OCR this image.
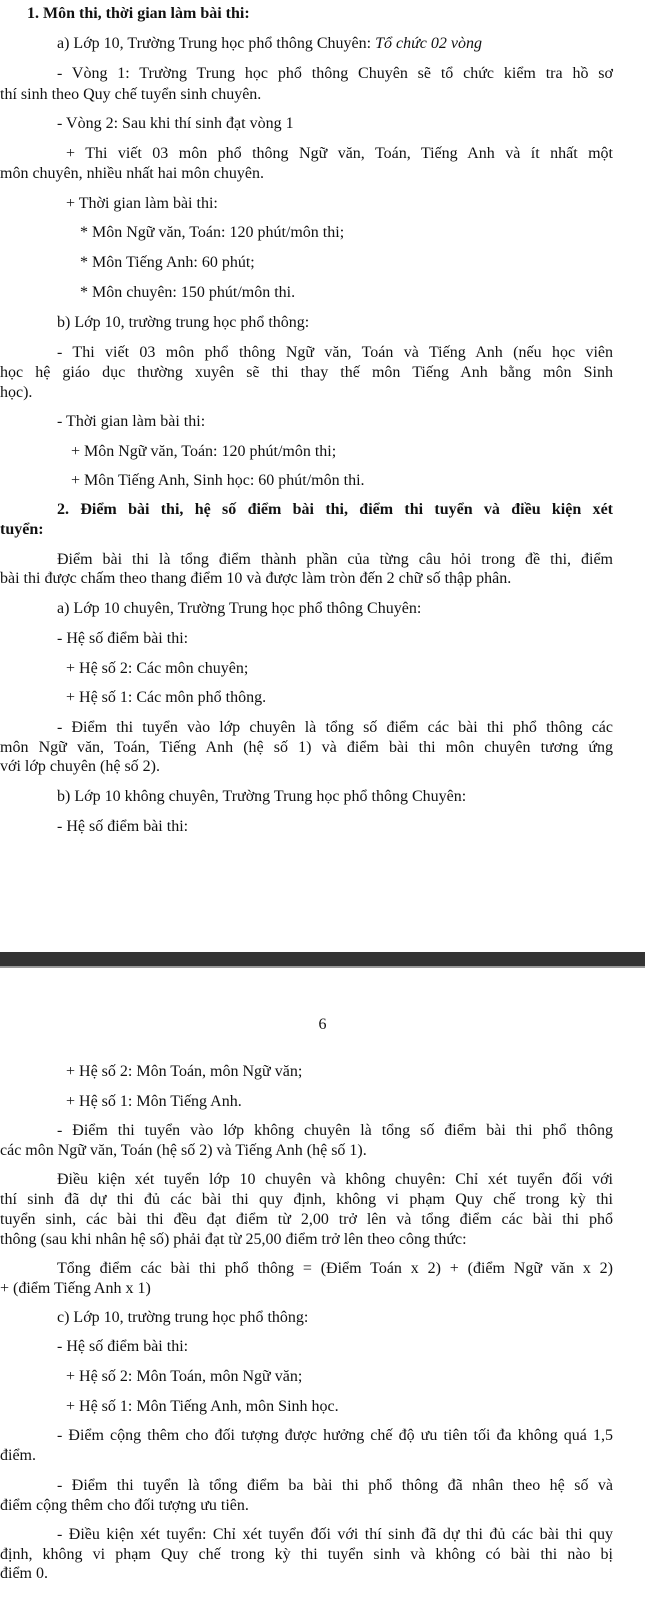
1. Môn thi, thời gian làm bài thi:
a) Lớp 10, Trường Trung học phổ thông Chuyên: Tổ chức 02 vòng
- Vòng 1: Trường Trung học phổ thông Chuyên sẽ tổ chức kiểm tra hồ sơ
thí sinh theo Quy chế tuyển sinh chuyên.
- Vòng 2: Sau khi thí sinh đạt vòng 1
+ Thi viết 03 môn phổ thông Ngữ văn, Toán, Tiếng Anh và ít nhất một
môn chuyên, nhiều nhất hai môn chuyên.
+ Thời gian làm bài thi:
* Môn Ngữ văn, Toán: 120 phút/môn thi;
* Môn Tiếng Anh: 60 phút;
* Môn chuyên: 150 phút/môn thi.
b) Lớp 10, trường trung học phổ thông:
- Thi viết 03 môn phổ thông Ngữ văn, Toán và Tiếng Anh (nếu học viên
học hệ giáo dục thường xuyên sẽ thi thay thế môn Tiếng Anh bằng môn Sinh
học).
- Thời gian làm bài thi:
+ Môn Ngữ văn, Toán: 120 phút/môn thi;
+ Môn Tiếng Anh, Sinh học: 60 phút/môn thi.
2. Điểm bài thi, hệ số điểm bài thi, điểm thi tuyển và điều kiện xét
tuyển:
Điểm bài thi là tổng điểm thành phần của từng câu hỏi trong đề thi, điểm
bài thi được chấm theo thang điểm 10 và được làm tròn đến 2 chữ số thập phân.
a) Lớp 10 chuyên, Trường Trung học phổ thông Chuyên:
- Hệ số điểm bài thi:
+ Hệ số 2: Các môn chuyên;
+ Hệ số 1: Các môn phổ thông.
- Điểm thi tuyển vào lớp chuyên là tổng số điểm các bài thi phổ thông các
môn Ngữ văn, Toán, Tiếng Anh (hệ số 1) và điểm bài thi môn chuyên tương ứng
với lớp chuyên (hệ số 2).
b) Lớp 10 không chuyên, Trường Trung học phổ thông Chuyên:
- Hệ số điểm bài thi:
6
+ Hệ số 2: Môn Toán, môn Ngữ văn;
+ Hệ số 1: Môn Tiếng Anh.
- Điểm thi tuyển vào lớp không chuyên là tổng số điểm bài thi phổ thông
các môn Ngữ văn, Toán (hệ số 2) và Tiếng Anh (hệ số 1).
Điều kiện xét tuyển lớp 10 chuyên và không chuyên: Chỉ xét tuyển đối với
thí sinh đã dự thi đủ các bài thi quy định, không vi phạm Quy chế trong kỳ thi
tuyển sinh, các bài thi đều đạt điểm từ 2,00 trở lên và tổng điểm các bài thi phổ
thông (sau khi nhân hệ số) phải đạt từ 25,00 điểm trở lên theo công thức:
Tổng điểm các bài thi phổ thông = (Điểm Toán x 2) + (điểm Ngữ văn x 2)
+ (điểm Tiếng Anh x 1)
c) Lớp 10, trường trung học phổ thông:
- Hệ số điểm bài thi:
+ Hệ số 2: Môn Toán, môn Ngữ văn;
+ Hệ số 1: Môn Tiếng Anh, môn Sinh học.
- Điểm cộng thêm cho đối tượng được hưởng chế độ ưu tiên tối đa không quá 1,5
điểm.
- Điểm thi tuyển là tổng điểm ba bài thi phổ thông đã nhân theo hệ số và
điểm cộng thêm cho đối tượng ưu tiên.
- Điều kiện xét tuyển: Chỉ xét tuyển đối với thí sinh đã dự thi đủ các bài thi quy
định, không vi phạm Quy chế trong kỳ thi tuyển sinh và không có bài thi nào bị
điểm 0.
